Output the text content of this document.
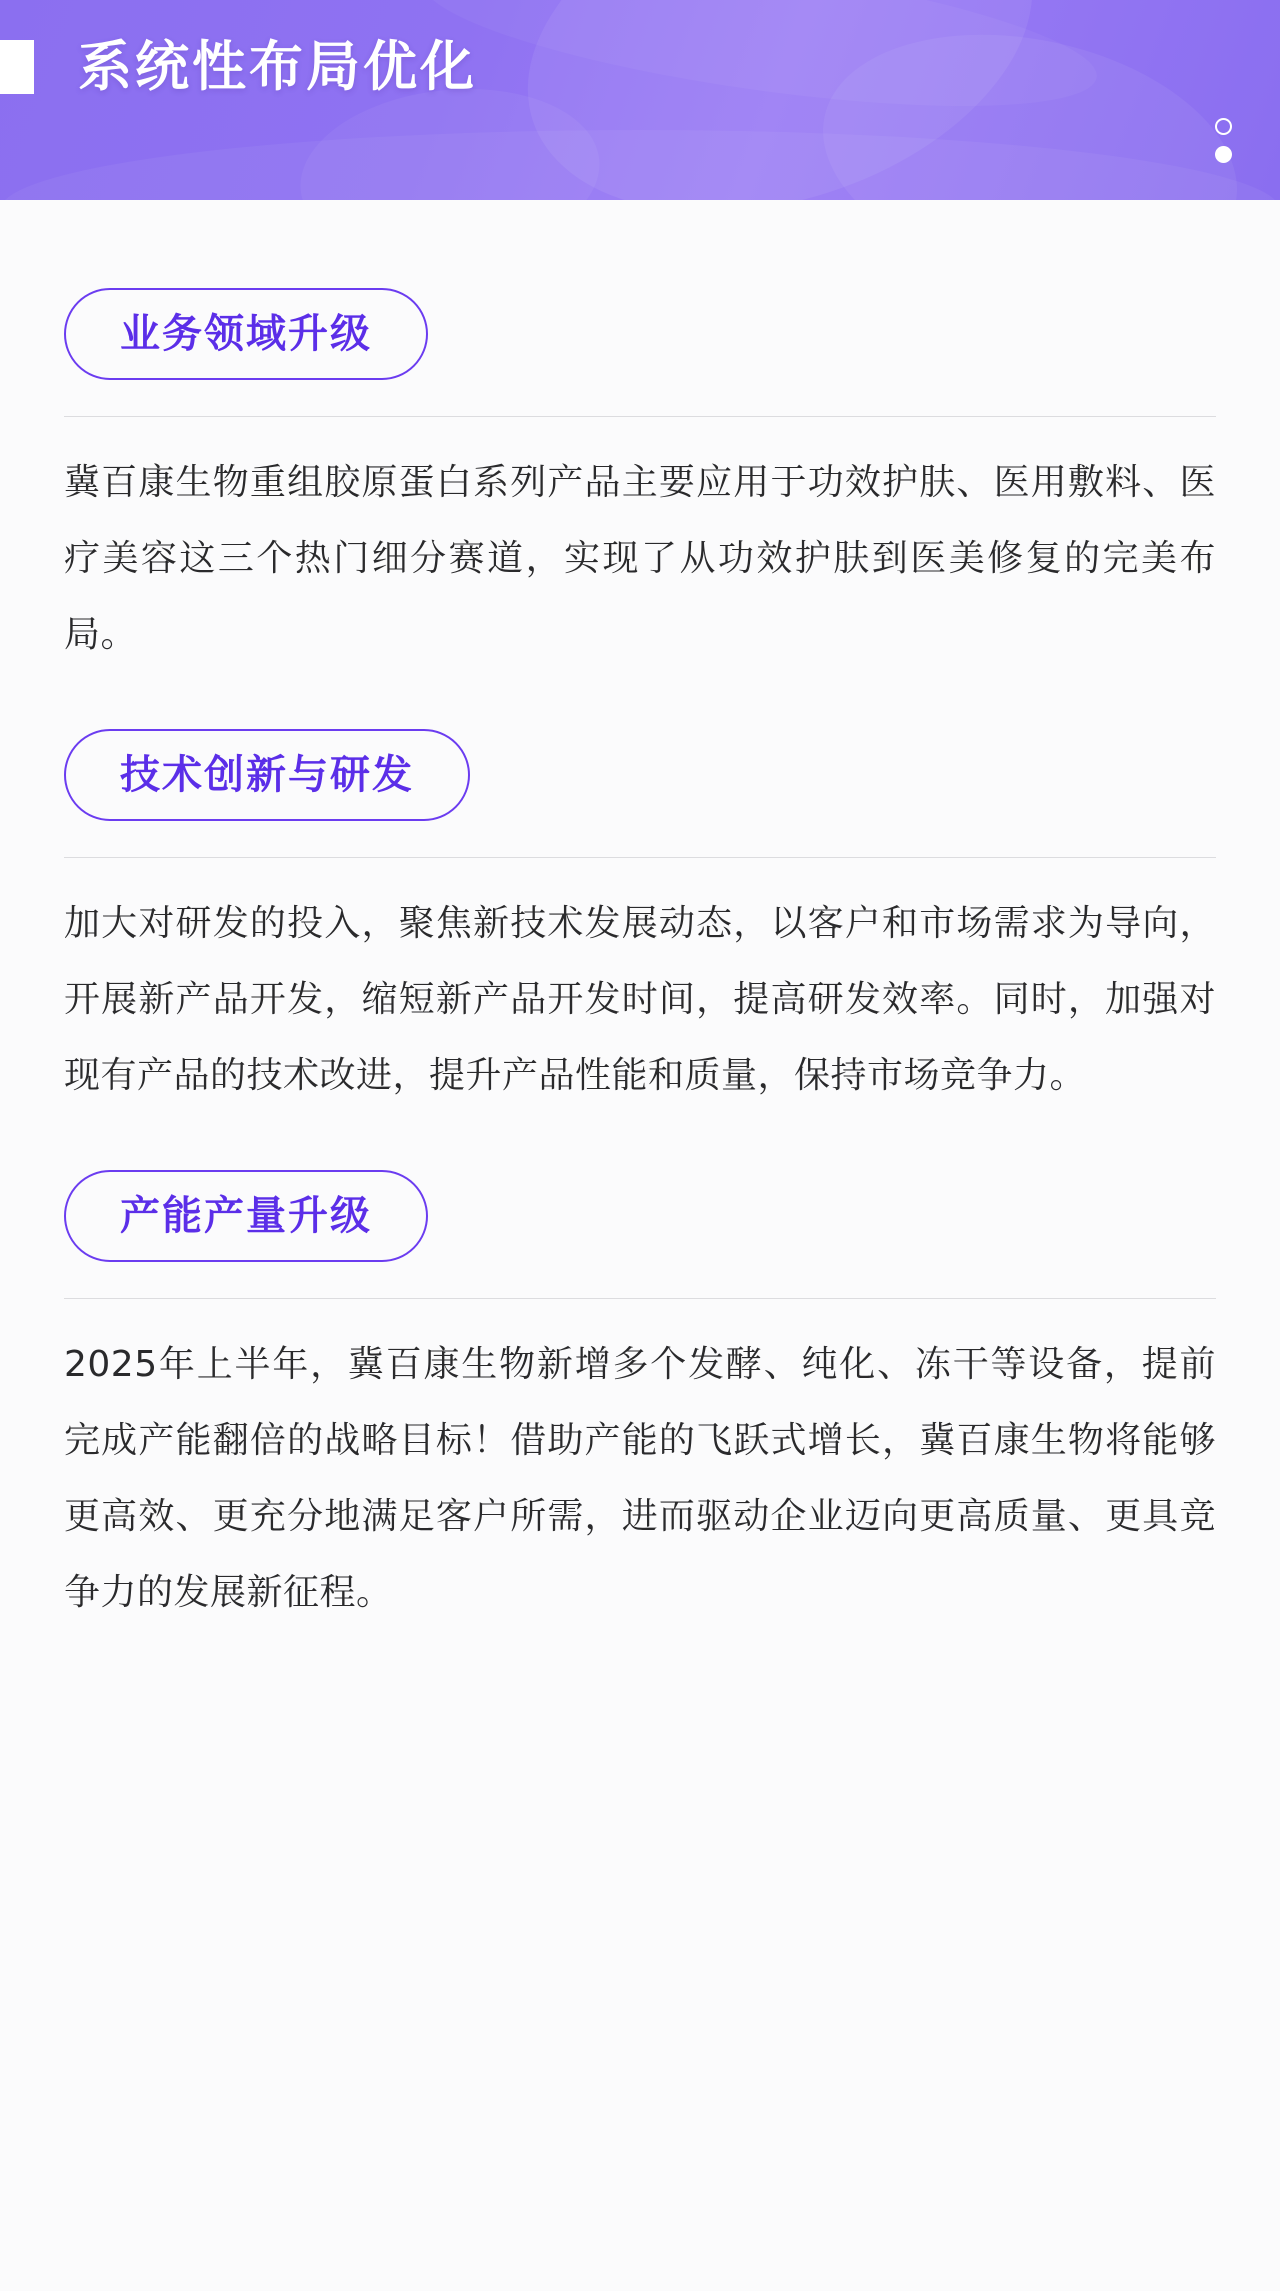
系统性布局优化
业务领域升级

冀百康生物重组胶原蛋白系列产品主要应用于功效护肤、医用敷料、医疗美容这三个热门细分赛道，实现了从功效护肤到医美修复的完美布局。

技术创新与研发

加大对研发的投入，聚焦新技术发展动态，以客户和市场需求为导向，开展新产品开发，缩短新产品开发时间，提高研发效率。同时，加强对现有产品的技术改进，提升产品性能和质量，保持市场竞争力。

产能产量升级

2025年上半年，冀百康生物新增多个发酵、纯化、冻干等设备，提前完成产能翻倍的战略目标！借助产能的飞跃式增长，冀百康生物将能够更高效、更充分地满足客户所需，进而驱动企业迈向更高质量、更具竞争力的发展新征程。
